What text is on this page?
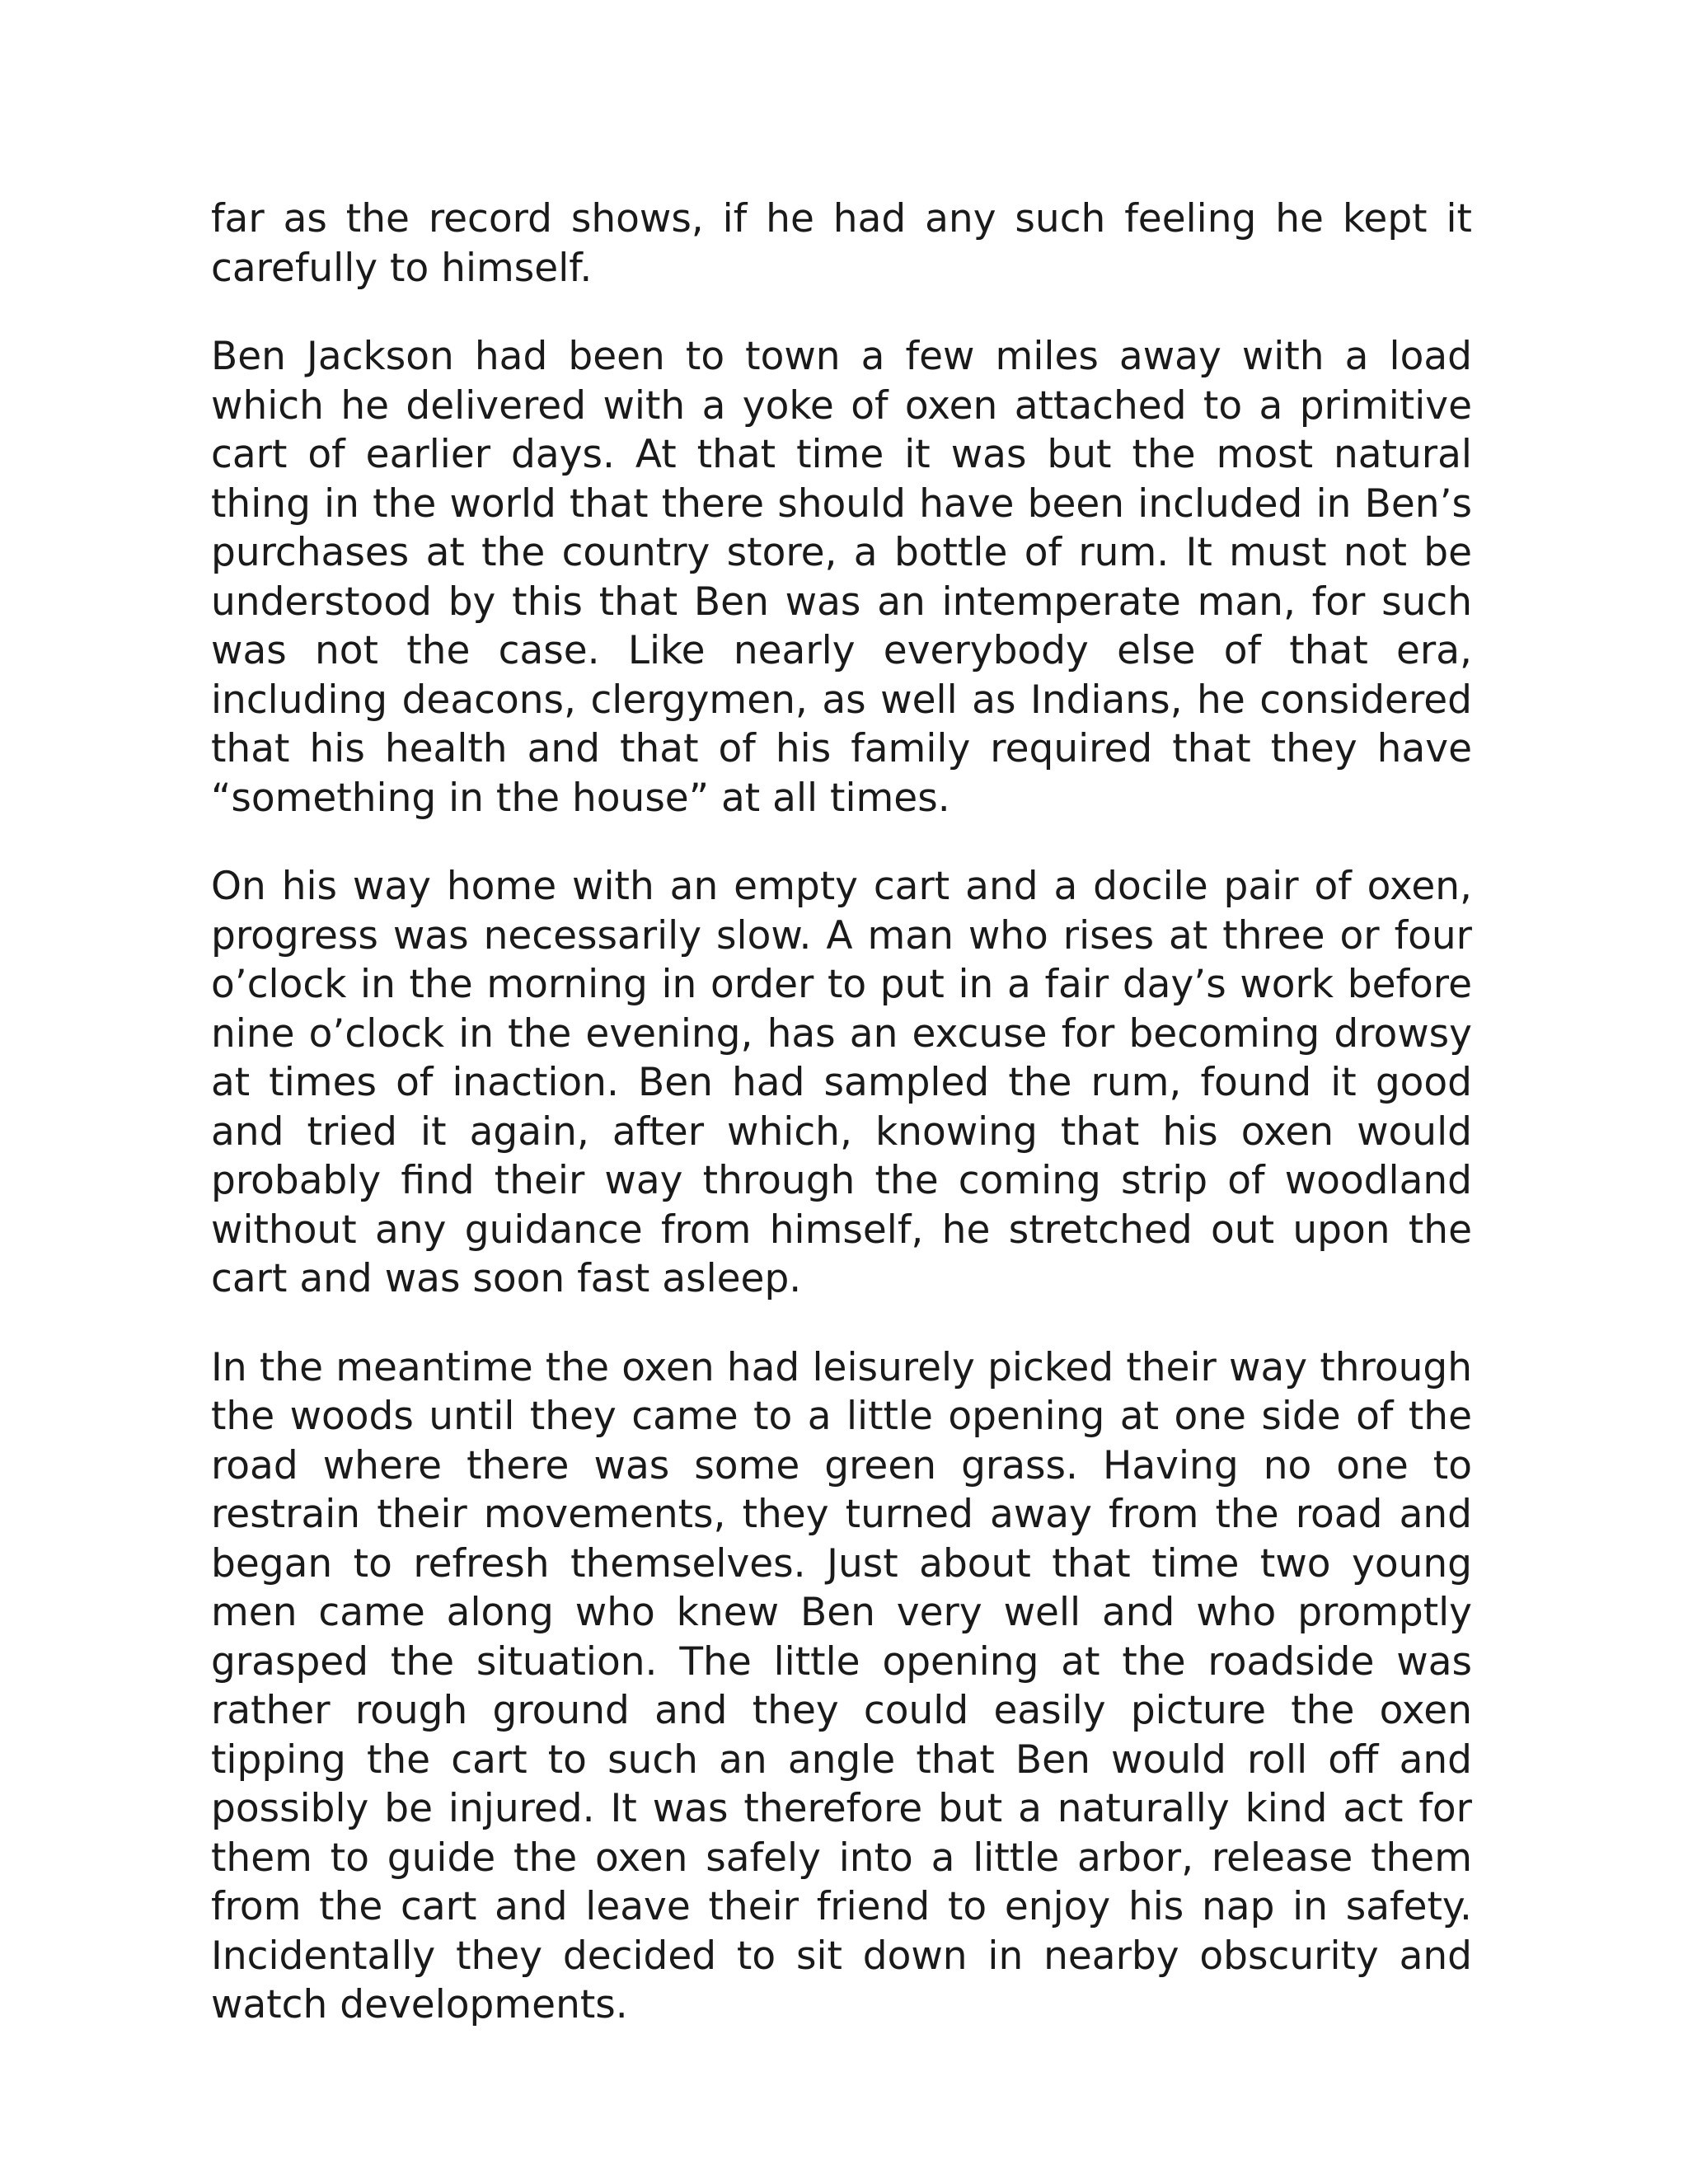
far as the record shows, if he had any such feeling he kept it carefully to himself.

Ben Jackson had been to town a few miles away with a load which he delivered with a yoke of oxen attached to a primitive cart of earlier days. At that time it was but the most natural thing in the world that there should have been included in Ben’s purchases at the country store, a bottle of rum. It must not be understood by this that Ben was an intemperate man, for such was not the case. Like nearly everybody else of that era, including deacons, clergymen, as well as Indians, he considered that his health and that of his family required that they have “something in the house” at all times.

On his way home with an empty cart and a docile pair of oxen, progress was necessarily slow. A man who rises at three or four o’clock in the morning in order to put in a fair day’s work before nine o’clock in the evening, has an excuse for becoming drowsy at times of inaction. Ben had sampled the rum, found it good and tried it again, after which, knowing that his oxen would probably find their way through the coming strip of woodland without any guidance from himself, he stretched out upon the cart and was soon fast asleep.

In the meantime the oxen had leisurely picked their way through the woods until they came to a little opening at one side of the road where there was some green grass. Having no one to restrain their movements, they turned away from the road and began to refresh themselves. Just about that time two young men came along who knew Ben very well and who promptly grasped the situation. The little opening at the roadside was rather rough ground and they could easily picture the oxen tipping the cart to such an angle that Ben would roll off and possibly be injured. It was therefore but a naturally kind act for them to guide the oxen safely into a little arbor, release them from the cart and leave their friend to enjoy his nap in safety. Incidentally they decided to sit down in nearby obscurity and watch developments.
